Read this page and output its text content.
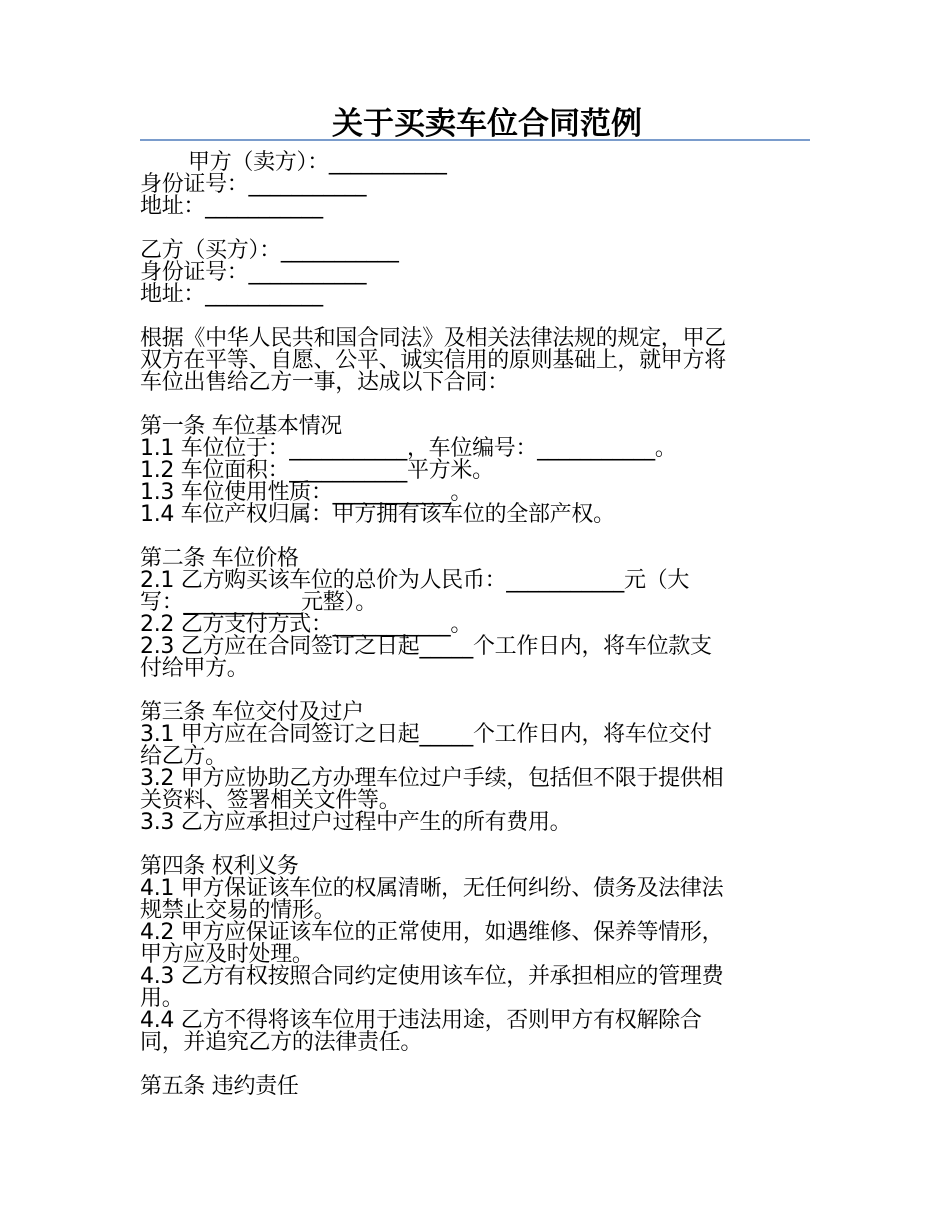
关于买卖车位合同范例
甲方（卖方）：___________
身份证号：___________
地址：___________
乙方（买方）：___________
身份证号：___________
地址：___________
根据《中华人民共和国合同法》及相关法律法规的规定，甲乙
双方在平等、自愿、公平、诚实信用的原则基础上，就甲方将
车位出售给乙方一事，达成以下合同：
第一条 车位基本情况
1.1 车位位于：___________，车位编号：___________。
1.2 车位面积：___________平方米。
1.3 车位使用性质：___________。
1.4 车位产权归属：甲方拥有该车位的全部产权。
第二条 车位价格
2.1 乙方购买该车位的总价为人民币：___________元（大
写：___________元整）。
2.2 乙方支付方式：___________。
2.3 乙方应在合同签订之日起_____个工作日内，将车位款支
付给甲方。
第三条 车位交付及过户
3.1 甲方应在合同签订之日起_____个工作日内，将车位交付
给乙方。
3.2 甲方应协助乙方办理车位过户手续，包括但不限于提供相
关资料、签署相关文件等。
3.3 乙方应承担过户过程中产生的所有费用。
第四条 权利义务
4.1 甲方保证该车位的权属清晰，无任何纠纷、债务及法律法
规禁止交易的情形。
4.2 甲方应保证该车位的正常使用，如遇维修、保养等情形，
甲方应及时处理。
4.3 乙方有权按照合同约定使用该车位，并承担相应的管理费
用。
4.4 乙方不得将该车位用于违法用途，否则甲方有权解除合
同，并追究乙方的法律责任。
第五条 违约责任
